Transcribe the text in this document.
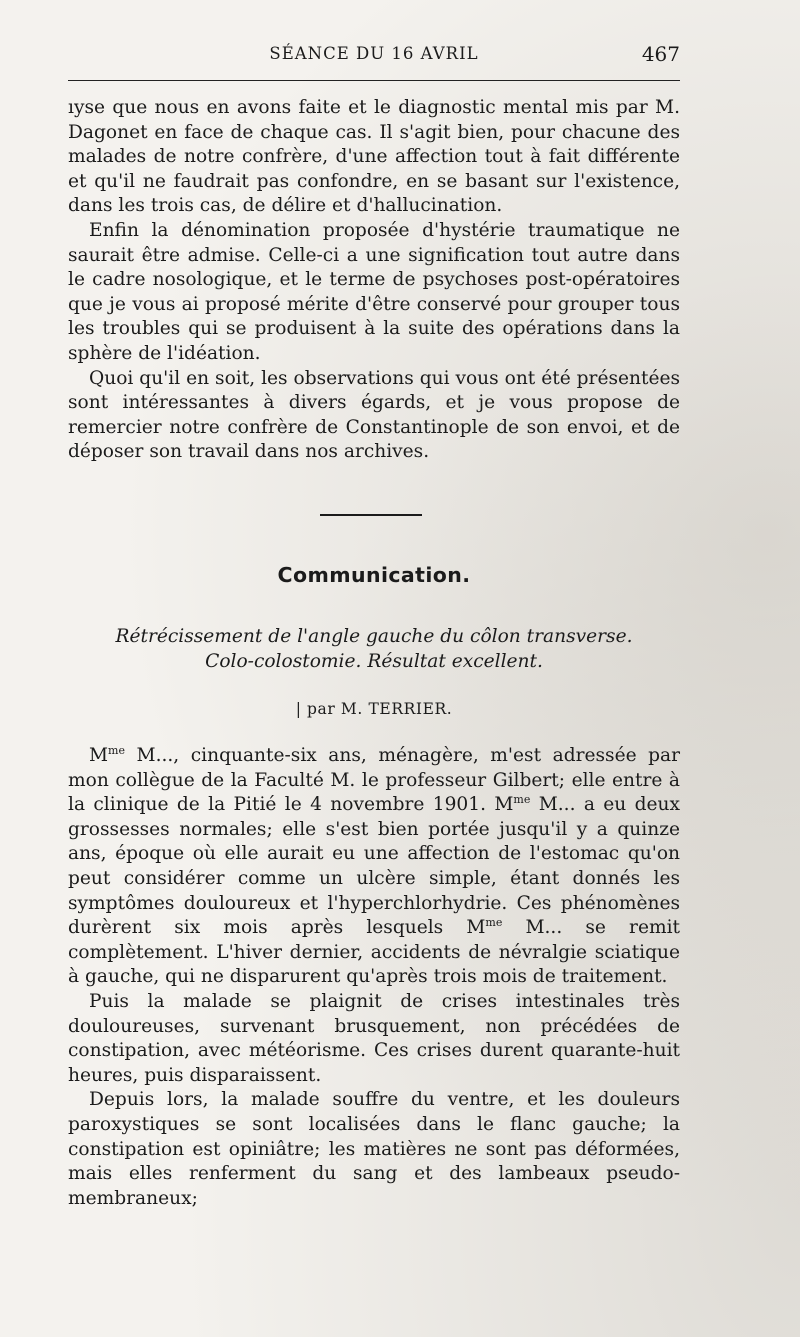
SÉANCE DU 16 AVRIL	467

ıyse que nous en avons faite et le diagnostic mental mis par M. Dagonet en face de chaque cas. Il s'agit bien, pour chacune des malades de notre confrère, d'une affection tout à fait différente et qu'il ne faudrait pas confondre, en se basant sur l'existence, dans les trois cas, de délire et d'hallucination.

Enfin la dénomination proposée d'hystérie traumatique ne saurait être admise. Celle-ci a une signification tout autre dans le cadre nosologique, et le terme de psychoses post-opératoires que je vous ai proposé mérite d'être conservé pour grouper tous les troubles qui se produisent à la suite des opérations dans la sphère de l'idéation.

Quoi qu'il en soit, les observations qui vous ont été présentées sont intéressantes à divers égards, et je vous propose de remercier notre confrère de Constantinople de son envoi, et de déposer son travail dans nos archives.

Communication.
Rétrécissement de l'angle gauche du côlon transverse.
Colo-colostomie. Résultat excellent.
| par M. TERRIER.

$M^{me}$ M..., cinquante-six ans, ménagère, m'est adressée par mon collègue de la Faculté M. le professeur Gilbert; elle entre à la clinique de la Pitié le 4 novembre 1901. $M^{me}$ M... a eu deux grossesses normales; elle s'est bien portée jusqu'il y a quinze ans, époque où elle aurait eu une affection de l'estomac qu'on peut considérer comme un ulcère simple, étant donnés les symptômes douloureux et l'hyperchlorhydrie. Ces phénomènes durèrent six mois après lesquels $M^{me}$ M... se remit complètement. L'hiver dernier, accidents de névralgie sciatique à gauche, qui ne disparurent qu'après trois mois de traitement.

Puis la malade se plaignit de crises intestinales très douloureuses, survenant brusquement, non précédées de constipation, avec météorisme. Ces crises durent quarante-huit heures, puis disparaissent.

Depuis lors, la malade souffre du ventre, et les douleurs paroxystiques se sont localisées dans le flanc gauche; la constipation est opiniâtre; les matières ne sont pas déformées, mais elles renferment du sang et des lambeaux pseudo-membraneux;
